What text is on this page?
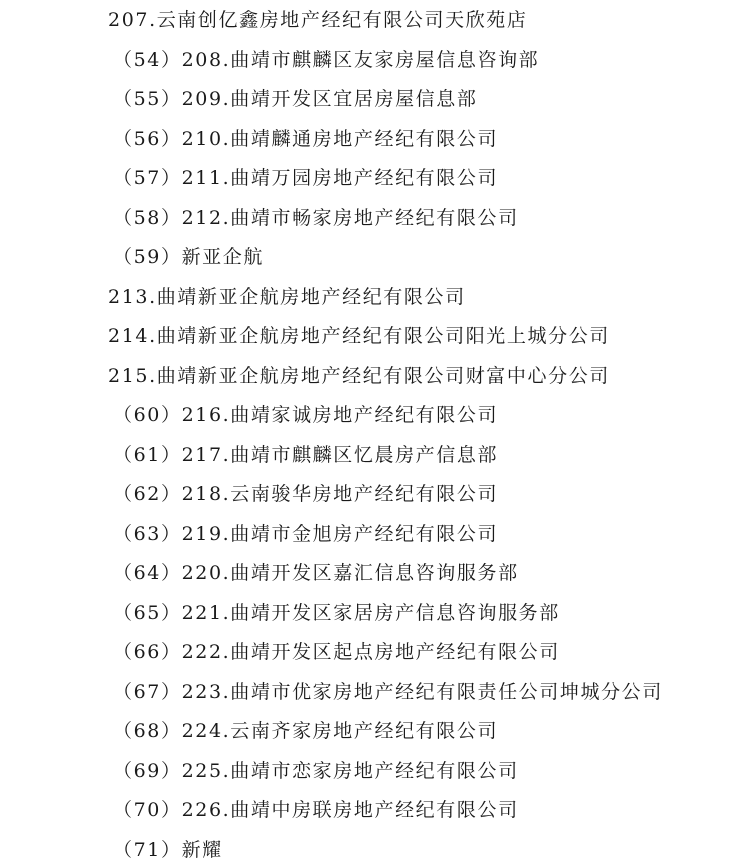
207.云南创亿鑫房地产经纪有限公司天欣苑店
（54）208.曲靖市麒麟区友家房屋信息咨询部
（55）209.曲靖开发区宜居房屋信息部
（56）210.曲靖麟通房地产经纪有限公司
（57）211.曲靖万园房地产经纪有限公司
（58）212.曲靖市畅家房地产经纪有限公司
（59）新亚企航
213.曲靖新亚企航房地产经纪有限公司
214.曲靖新亚企航房地产经纪有限公司阳光上城分公司
215.曲靖新亚企航房地产经纪有限公司财富中心分公司
（60）216.曲靖家诚房地产经纪有限公司
（61）217.曲靖市麒麟区忆晨房产信息部
（62）218.云南骏华房地产经纪有限公司
（63）219.曲靖市金旭房产经纪有限公司
（64）220.曲靖开发区嘉汇信息咨询服务部
（65）221.曲靖开发区家居房产信息咨询服务部
（66）222.曲靖开发区起点房地产经纪有限公司
（67）223.曲靖市优家房地产经纪有限责任公司坤城分公司
（68）224.云南齐家房地产经纪有限公司
（69）225.曲靖市恋家房地产经纪有限公司
（70）226.曲靖中房联房地产经纪有限公司
（71）新耀
